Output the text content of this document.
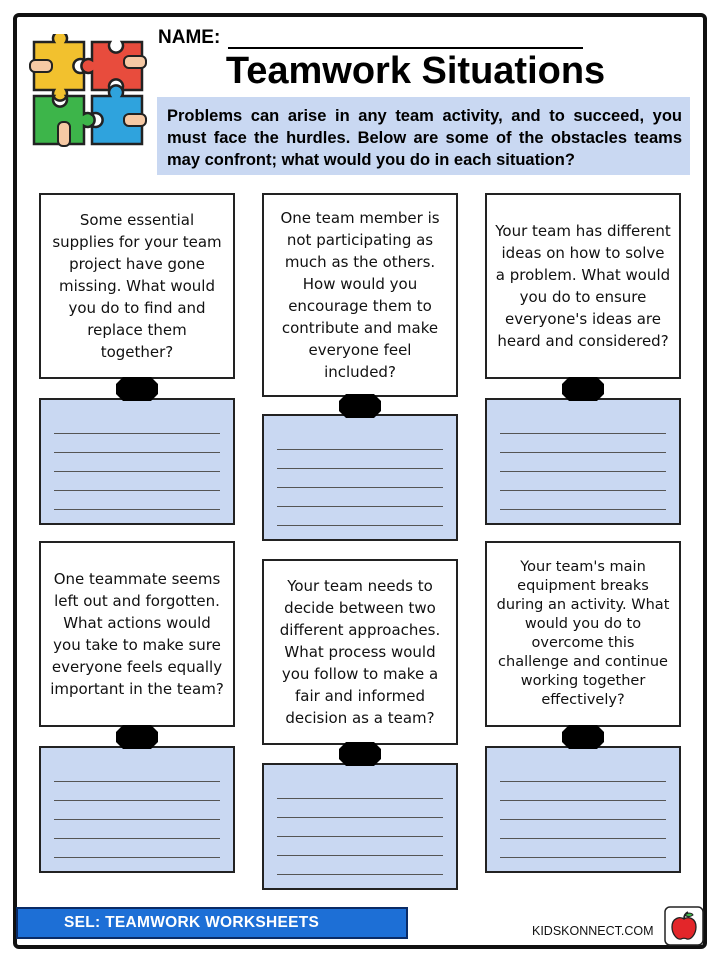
NAME:
Teamwork Situations
Problems can arise in any team activity, and to succeed, you must face the hurdles. Below are some of the obstacles teams may confront; what would you do in each situation?
Some essential supplies for your team project have gone missing. What would you do to find and replace them together?
One team member is not participating as much as the others. How would you encourage them to contribute and make everyone feel included?
Your team has different ideas on how to solve a problem. What would you do to ensure everyone's ideas are heard and considered?
One teammate seems left out and forgotten. What actions would you take to make sure everyone feels equally important in the team?
Your team needs to decide between two different approaches. What process would you follow to make a fair and informed decision as a team?
Your team's main equipment breaks during an activity. What would you do to overcome this challenge and continue working together effectively?
SEL: TEAMWORK WORKSHEETS	KIDSKONNECT.COM
